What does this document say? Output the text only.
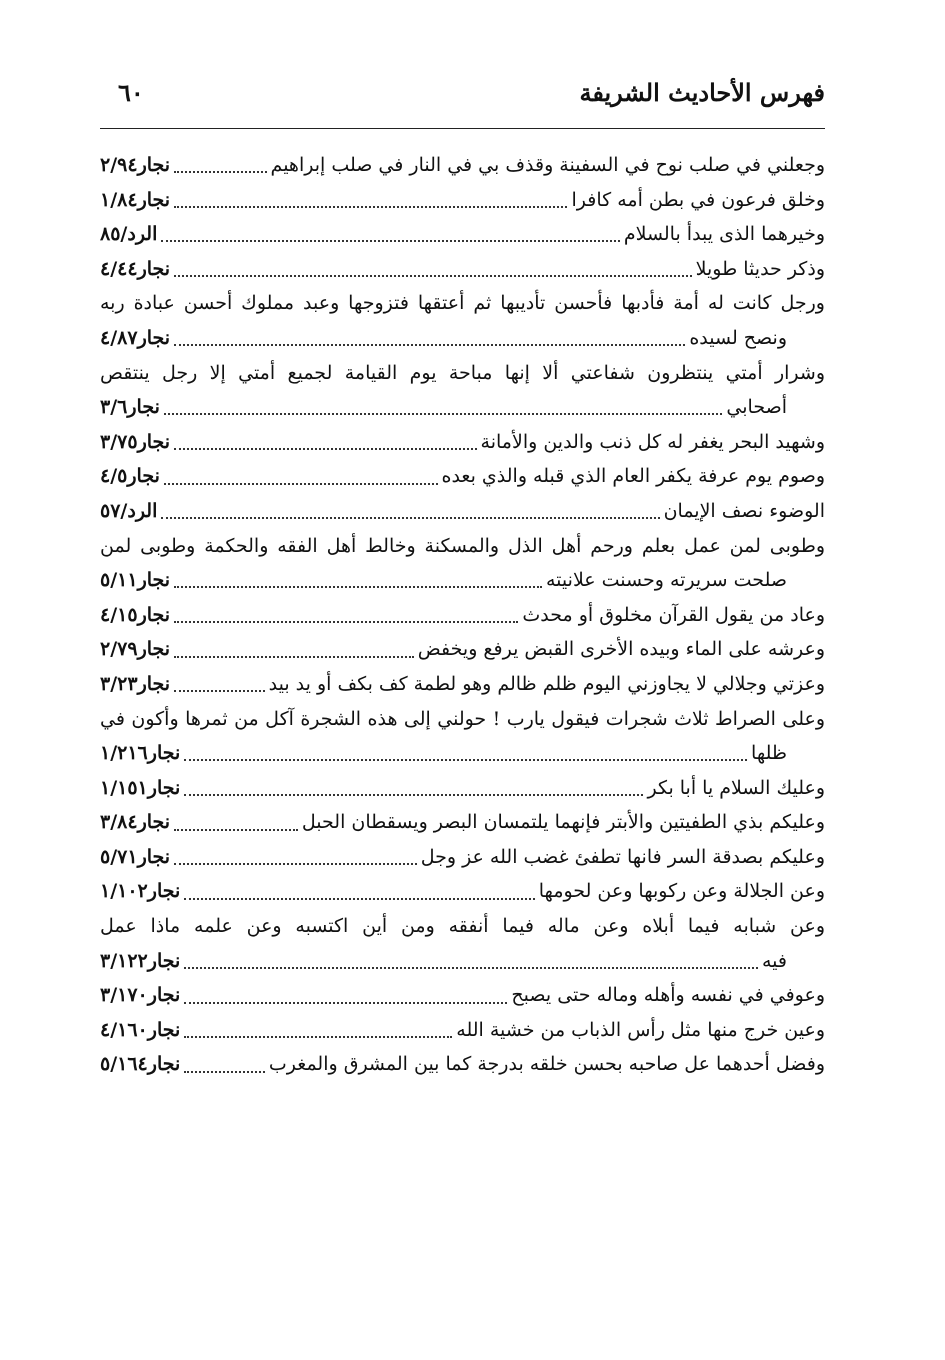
فهرس الأحاديث الشريفة
٦٠
وجعلني في صلب نوح في السفينة وقذف بي في النار في صلب إبراهيم
نجار٢/٩٤
وخلق فرعون في بطن أمه كافرا
نجار١/٨٤
وخيرهما الذى يبدأ بالسلام
الرد/٨٥
وذكر حديثا طويلا
نجار٤/٤٤
ورجل كانت له أمة فأدبها فأحسن تأديبها ثم أعتقها فتزوجها وعبد مملوك أحسن عبادة ربه
ونصح لسيده
نجار٤/٨٧
وشرار أمتي ينتظرون شفاعتي ألا إنها مباحة يوم القيامة لجميع أمتي إلا رجل ينتقص
أصحابي
نجار٣/٦
وشهيد البحر يغفر له كل ذنب والدين والأمانة
نجار٣/٧٥
وصوم يوم عرفة يكفر العام الذي قبله والذي بعده
نجار٤/٥
الوضوء نصف الإيمان
الرد/٥٧
وطوبى لمن عمل بعلم ورحم أهل الذل والمسكنة وخالط أهل الفقه والحكمة وطوبى لمن
صلحت سريرته وحسنت علانيته
نجار٥/١١
وعاد من يقول القرآن مخلوق أو محدث
نجار٤/١٥
وعرشه على الماء وبيده الأخرى القبض يرفع ويخفض
نجار٢/٧٩
وعزتي وجلالي لا يجاوزني اليوم ظلم ظالم وهو لطمة كف بكف أو يد بيد
نجار٣/٢٣
وعلى الصراط ثلاث شجرات فيقول يارب ! حولني إلى هذه الشجرة آكل من ثمرها وأكون في
ظلها
نجار١/٢١٦
وعليك السلام يا أبا بكر
نجار١/١٥١
وعليكم بذي الطفيتين والأبتر فإنهما يلتمسان البصر ويسقطان الحبل
نجار٣/٨٤
وعليكم بصدقة السر فانها تطفئ غضب الله عز وجل
نجار٥/٧١
وعن الجلالة وعن ركوبها وعن لحومها
نجار١/١٠٢
وعن شبابه فيما أبلاه وعن ماله فيما أنفقه ومن أين اكتسبه وعن علمه ماذا عمل
فيه
نجار٣/١٢٢
وعوفي في نفسه وأهله وماله حتى يصبح
نجار٣/١٧٠
وعين خرج منها مثل رأس الذباب من خشية الله
نجار٤/١٦٠
وفضل أحدهما عل صاحبه بحسن خلقه بدرجة كما بين المشرق والمغرب
نجار٥/١٦٤
